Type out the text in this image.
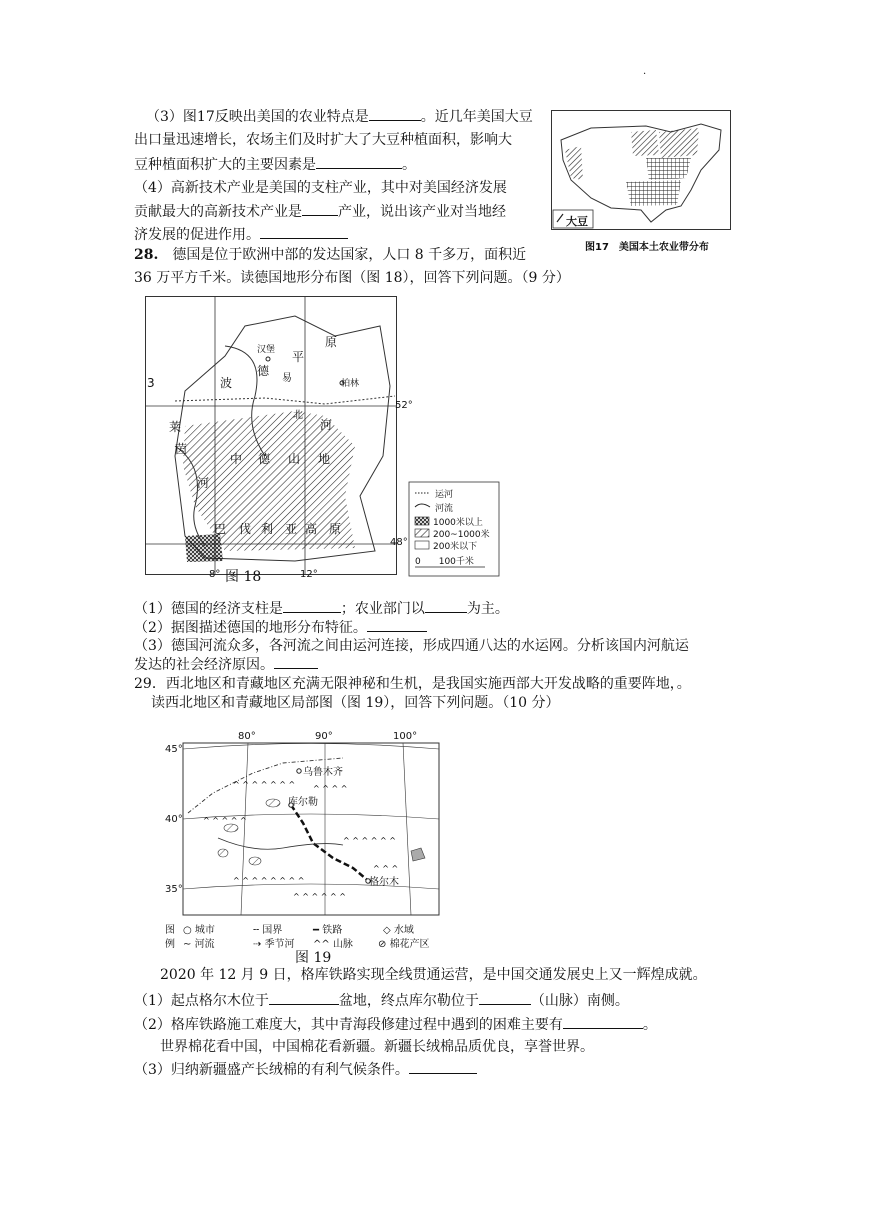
.
（3）图17反映出美国的农业特点是	。近几年美国大豆
出口量迅速增长，农场主们及时扩大了大豆种植面积，影响大
豆种植面积扩大的主要因素是	。
（4）高新技术产业是美国的支柱产业，其中对美国经济发展
贡献最大的高新技术产业是	产业，说出该产业对当地经
济发展的促进作用。
大豆
图17　美国本土农业带分布
28.　 德国是位于欧洲中部的发达国家，人口 8 千多万，面积近
36 万平方千米。读德国地形分布图（图 18），回答下列问题。（9 分）
汉堡 平
原
德
易	柏林
波
北
河
莱
茵
中 德 山 地
河
巴 伐 利 亚 高 原
3
52°
48°
8°	12°
图 18
运河
河流
1000米以上
200~1000米
200米以下
0　　100千米
（1）德国的经济支柱是	；农业部门以	为主。
（2）据图描述德国的地形分布特征。
（3）德国河流众多，各河流之间由运河连接，形成四通八达的水运网。分析该国内河航运
发达的社会经济原因。
29．西北地区和青藏地区充满无限神秘和生机，是我国实施西部大开发战略的重要阵地，。
读西北地区和青藏地区局部图（图 19），回答下列问题。（10 分）
^ ^ ^ ^ ^ ^ ^ ^ ^ ^ ^
^ ^ ^ ^ ^
^ ^ ^ ^ ^ ^
^ ^ ^ ^ ^ ^ ^ ^
^ ^ ^ ^ ^ ^
^ ^ ^
80°	90°	100°
45°
40°
35°
乌鲁木齐
库尔勒
格尔木
图
例
○ 城市	╌ 国界	━ 铁路	◇ 水域
∼ 河流	⇢ 季节河 ^^ 山脉	⊘ 棉花产区
图 19
2020 年 12 月 9 日，格库铁路实现全线贯通运营，是中国交通发展史上又一辉煌成就。
（1）起点格尔木位于	盆地，终点库尔勒位于	（山脉）南侧。
（2）格库铁路施工难度大，其中青海段修建过程中遇到的困难主要有	。
世界棉花看中国，中国棉花看新疆。新疆长绒棉品质优良，享誉世界。
（3）归纳新疆盛产长绒棉的有利气候条件。
